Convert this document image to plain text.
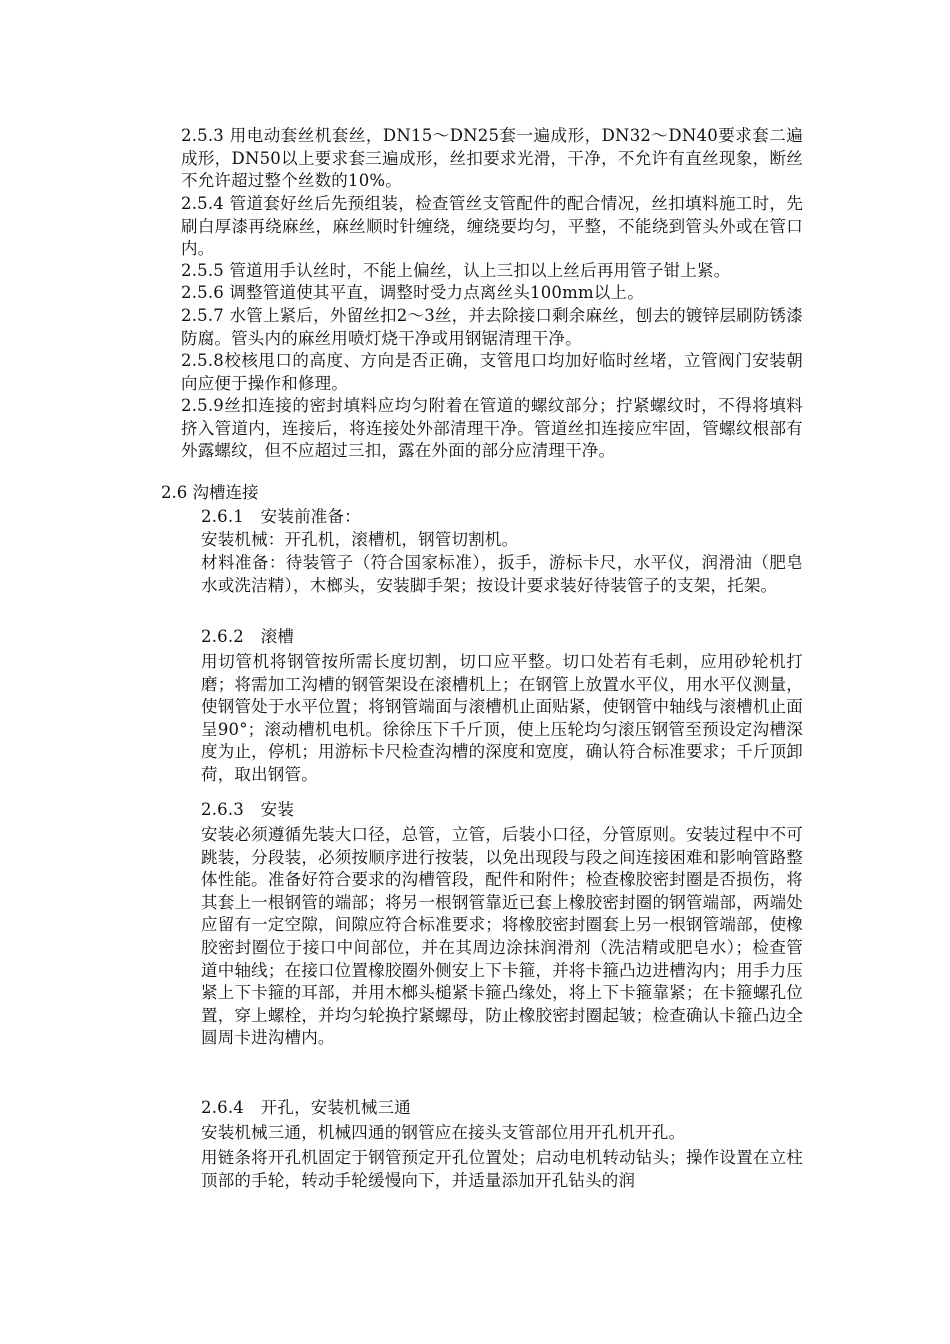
2.5.3 用电动套丝机套丝，DN15～DN25套一遍成形，DN32～DN40要求套二遍成形，DN50以上要求套三遍成形，丝扣要求光滑，干净，不允许有直丝现象，断丝不允许超过整个丝数的10%。
2.5.4 管道套好丝后先预组装，检查管丝支管配件的配合情况，丝扣填料施工时，先刷白厚漆再绕麻丝，麻丝顺时针缠绕，缠绕要均匀，平整，不能绕到管头外或在管口内。
2.5.5 管道用手认丝时，不能上偏丝，认上三扣以上丝后再用管子钳上紧。
2.5.6 调整管道使其平直，调整时受力点离丝头100mm以上。
2.5.7 水管上紧后，外留丝扣2～3丝，并去除接口剩余麻丝，刨去的镀锌层刷防锈漆防腐。管头内的麻丝用喷灯烧干净或用钢锯清理干净。
2.5.8校核甩口的高度、方向是否正确，支管甩口均加好临时丝堵，立管阀门安装朝向应便于操作和修理。
2.5.9丝扣连接的密封填料应均匀附着在管道的螺纹部分；拧紧螺纹时，不得将填料挤入管道内，连接后，将连接处外部清理干净。管道丝扣连接应牢固，管螺纹根部有外露螺纹，但不应超过三扣，露在外面的部分应清理干净。
2.6 沟槽连接
2.6.1　安装前准备：
安装机械：开孔机，滚槽机，钢管切割机。
材料准备：待装管子（符合国家标准），扳手，游标卡尺，水平仪，润滑油（肥皂水或洗洁精），木榔头，安装脚手架；按设计要求装好待装管子的支架，托架。
2.6.2　滚槽
用切管机将钢管按所需长度切割，切口应平整。切口处若有毛刺，应用砂轮机打磨；将需加工沟槽的钢管架设在滚槽机上；在钢管上放置水平仪，用水平仪测量，使钢管处于水平位置；将钢管端面与滚槽机止面贴紧，使钢管中轴线与滚槽机止面呈90°；滚动槽机电机。徐徐压下千斤顶，使上压轮均匀滚压钢管至预设定沟槽深度为止，停机；用游标卡尺检查沟槽的深度和宽度，确认符合标准要求；千斤顶卸荷，取出钢管。
2.6.3　安装
安装必须遵循先装大口径，总管，立管，后装小口径，分管原则。安装过程中不可跳装，分段装，必须按顺序进行按装，以免出现段与段之间连接困难和影响管路整体性能。准备好符合要求的沟槽管段，配件和附件；检查橡胶密封圈是否损伤，将其套上一根钢管的端部；将另一根钢管靠近已套上橡胶密封圈的钢管端部，两端处应留有一定空隙，间隙应符合标准要求；将橡胶密封圈套上另一根钢管端部，使橡胶密封圈位于接口中间部位，并在其周边涂抹润滑剂（洗洁精或肥皂水）；检查管道中轴线；在接口位置橡胶圈外侧安上下卡箍，并将卡箍凸边进槽沟内；用手力压紧上下卡箍的耳部，并用木榔头槌紧卡箍凸缘处，将上下卡箍靠紧；在卡箍螺孔位置，穿上螺栓，并均匀轮换拧紧螺母，防止橡胶密封圈起皱；检查确认卡箍凸边全圆周卡进沟槽内。
2.6.4　开孔，安装机械三通
安装机械三通，机械四通的钢管应在接头支管部位用开孔机开孔。
用链条将开孔机固定于钢管预定开孔位置处；启动电机转动钻头；操作设置在立柱顶部的手轮，转动手轮缓慢向下，并适量添加开孔钻头的润
